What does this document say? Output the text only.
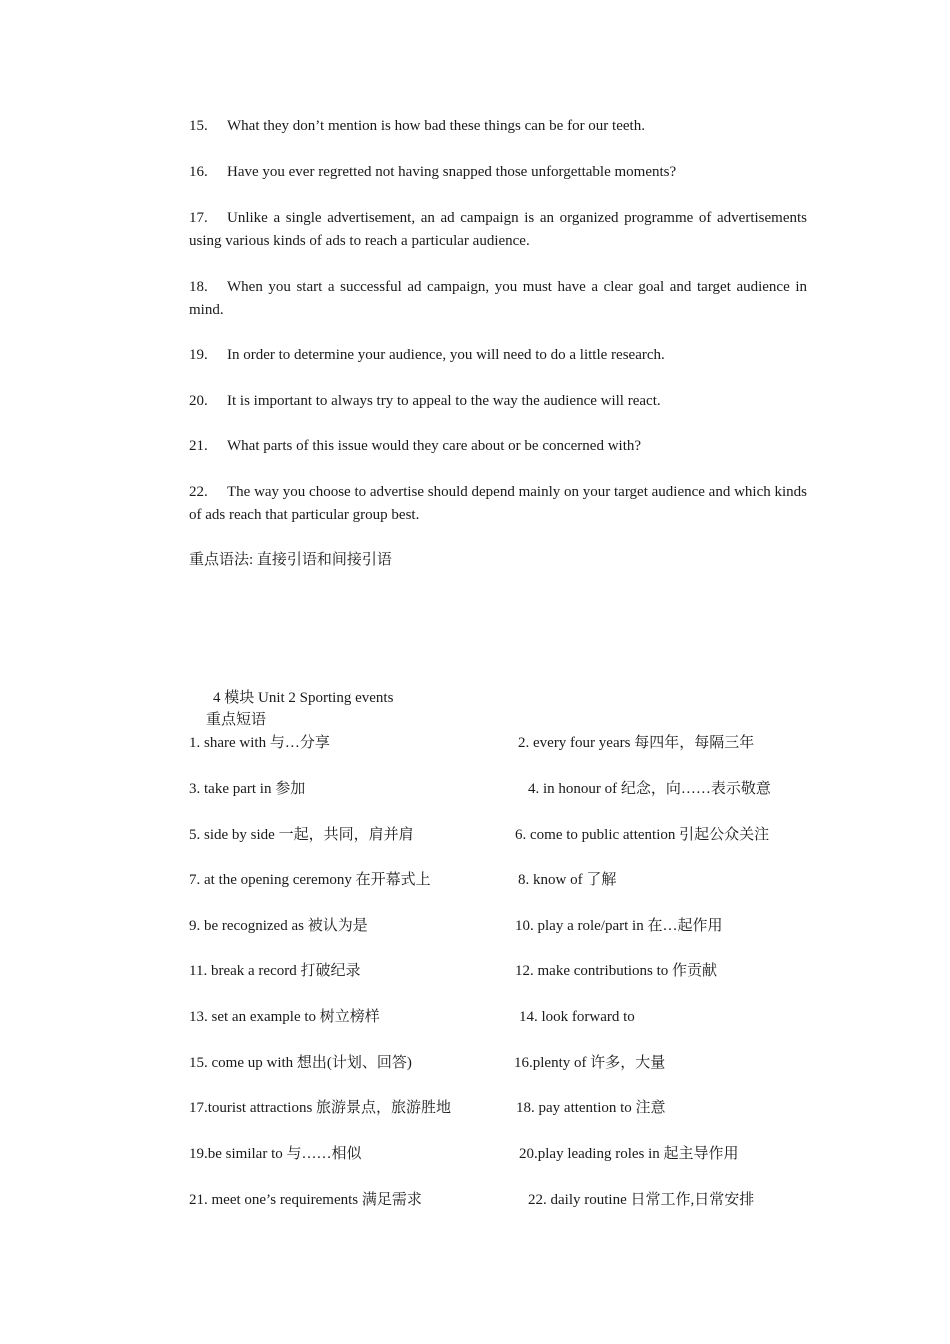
15. What they don’t mention is how bad these things can be for our teeth.
16. Have you ever regretted not having snapped those unforgettable moments?
17. Unlike a single advertisement, an ad campaign is an organized programme of advertisements using various kinds of ads to reach a particular audience.
18. When you start a successful ad campaign, you must have a clear goal and target audience in mind.
19. In order to determine your audience, you will need to do a little research.
20. It is important to always try to appeal to the way the audience will react.
21. What parts of this issue would they care about or be concerned with?
22. The way you choose to advertise should depend mainly on your target audience and which kinds of ads reach that particular group best.
重点语法: 直接引语和间接引语
4 模块 Unit 2 Sporting events
重点短语
1. share with 与…分享	2. every four years 每四年，每隔三年
3. take part in 参加	4. in honour of 纪念，向……表示敬意
5. side by side 一起，共同，肩并肩	6. come to public attention 引起公众关注
7. at the opening ceremony 在开幕式上	8. know of 了解
9. be recognized as 被认为是	10. play a role/part in 在…起作用
11. break a record 打破纪录	12. make contributions to 作贡献
13. set an example to 树立榜样	14. look forward to
15. come up with 想出(计划、回答)	16.plenty of 许多，大量
17.tourist attractions 旅游景点，旅游胜地	18. pay attention to 注意
19.be similar to 与……相似	20.play leading roles in 起主导作用
21. meet one’s requirements 满足需求	22. daily routine 日常工作,日常安排
